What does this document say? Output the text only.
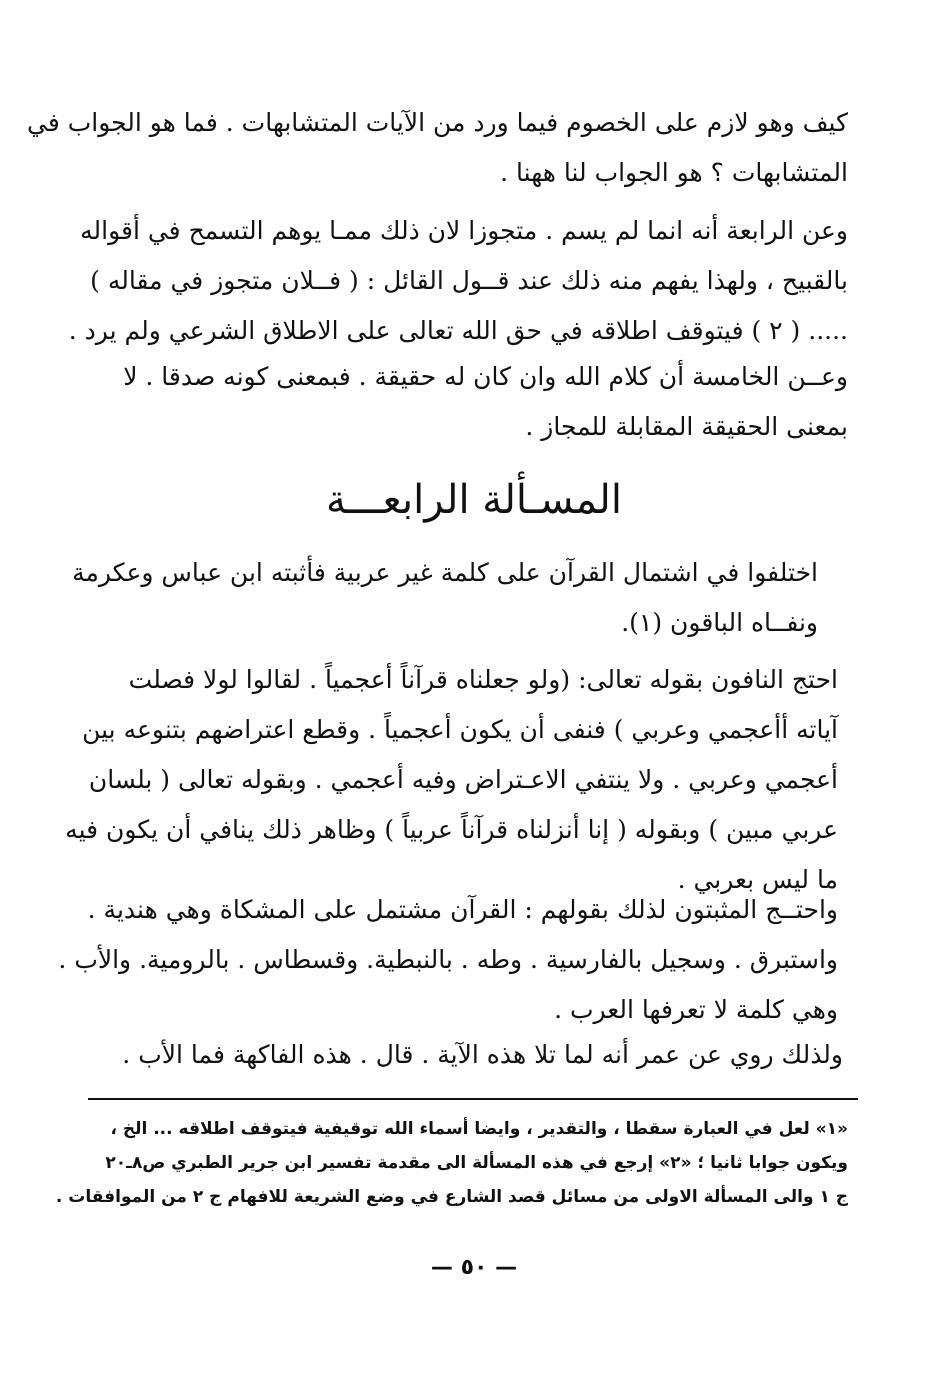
كيف وهو لازم على الخصوم فيما ورد من الآيات المتشابهات . فما هو الجواب في
المتشابهات ؟ هو الجواب لنا ههنا .

وعن الرابعة أنه انما لم يسم . متجوزا لان ذلك ممـا يوهم التسمح في أقواله
بالقبيح ، ولهذا يفهم منه ذلك عند قــول القائل : ( فــلان متجوز في مقاله )
..... ( ٢ ) فيتوقف اطلاقه في حق الله تعالى على الاطلاق الشرعي ولم يرد .

وعــن الخامسة أن كلام الله وان كان له حقيقة . فبمعنى كونه صدقا . لا
بمعنى الحقيقة المقابلة للمجاز .

المسـألة الرابعـــة

اختلفوا في اشتمال القرآن على كلمة غير عربية فأثبته ابن عباس وعكرمة
ونفــاه الباقون (١).

احتج النافون بقوله تعالى: (ولو جعلناه قرآناً أعجمياً . لقالوا لولا فصلت
آياته أأعجمي وعربي ) فنفى أن يكون أعجمياً . وقطع اعتراضهم بتنوعه بين
أعجمي وعربي . ولا ينتفي الاعـتراض وفيه أعجمي . وبقوله تعالى ( بلسان
عربي مبين ) وبقوله ( إنا أنزلناه قرآناً عربياً ) وظاهر ذلك ينافي أن يكون فيه
ما ليس بعربي .

واحتــج المثبتون لذلك بقولهم : القرآن مشتمل على المشكاة وهي هندية .
واستبرق . وسجيل بالفارسية . وطه . بالنبطية. وقسطاس . بالرومية. والأب .
وهي كلمة لا تعرفها العرب .

ولذلك روي عن عمر أنه لما تلا هذه الآية . قال . هذه الفاكهة فما الأب .

«١» لعل في العبارة سقطا ، والتقدير ، وايضا أسماء الله توقيفية فيتوقف اطلاقه ... الخ ،
ويكون جوابا ثانيا ؛ «٢» إرجع في هذه المسألة الى مقدمة تفسير ابن جرير الطبري ص٨ـ٢٠
ج ١ والى المسألة الاولى من مسائل قصد الشارع في وضع الشريعة للافهام ج ٢ من الموافقات .
— ٥٠ —
